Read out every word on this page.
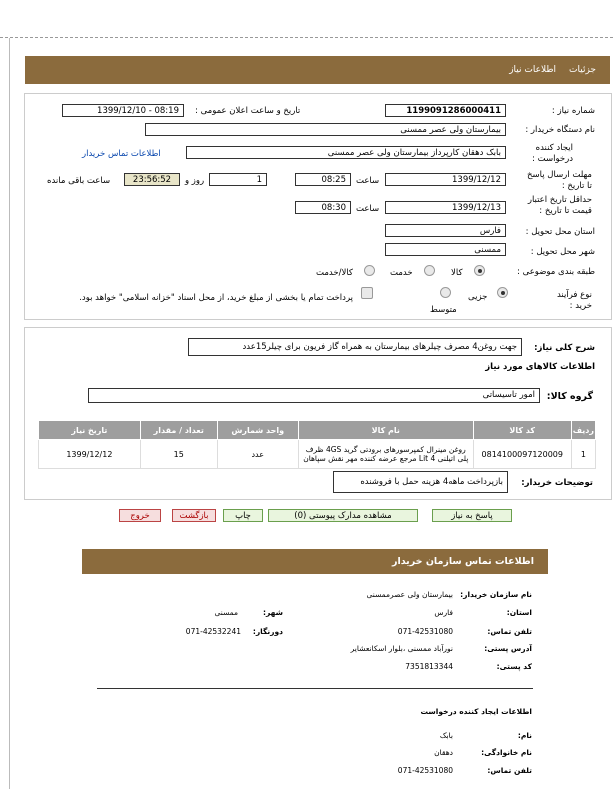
جزئیات
اطلاعات نیاز
شماره نیاز :
1199091286000411
تاریخ و ساعت اعلان عمومی :
1399/12/10 - 08:19
نام دستگاه خریدار :
بیمارستان ولی عصر ممسنی
ایجاد کننده درخواست :
بابک دهقان کارپرداز بیمارستان ولی عصر ممسنی
اطلاعات تماس خریدار
مهلت ارسال پاسخ تا تاریخ :
1399/12/12
ساعت
08:25
روز و	1
23:56:52
ساعت باقی مانده
حداقل تاریخ اعتبار قیمت تا تاریخ :
1399/12/13
ساعت
08:30
استان محل تحویل :
فارس
شهر محل تحویل :
ممسنی
طبقه بندی موضوعی :
کالا
خدمت
کالا/خدمت
نوع فرآیند خرید :
جزیی
متوسط
پرداخت تمام یا بخشی از مبلغ خرید، از محل اسناد "خزانه اسلامی" خواهد بود.
شرح کلی نیاز:
جهت روغن4 مصرف چیلرهای بیمارستان به همراه گاز فریون برای چیلر15عدد
اطلاعات کالاهای مورد نیاز
گروه کالا:
امور تاسیساتی
ردیف	کد کالا	نام کالا	واحد شمارش	تعداد / مقدار	تاریخ نیاز
1	0814100097120009	روغن مینرال کمپرسورهای برودتی گرید 4GS ظرف پلی اتیلنی 4 Lit مرجع عرضه کننده مهر نقش سپاهان	عدد	15	1399/12/12
توضیحات خریدار:
بازپرداخت ماهه4 هزینه حمل با فروشنده
پاسخ به نیاز
مشاهده مدارک پیوستی (0)
چاپ
بازگشت
خروج
اطلاعات تماس سازمان خریدار
نام سازمان خریدار:
بیمارستان ولی عصرممسنی
استان:
فارس
شهر:
ممسنی
تلفن تماس:
071-42531080
دورنگار:
071-42532241
آدرس پستی:
نورآباد ممسنی ،بلوار اسکانعشایر
کد پستی:
7351813344
اطلاعات ایجاد کننده درخواست
نام:
بابک
نام خانوادگی:
دهقان
تلفن تماس:
071-42531080
